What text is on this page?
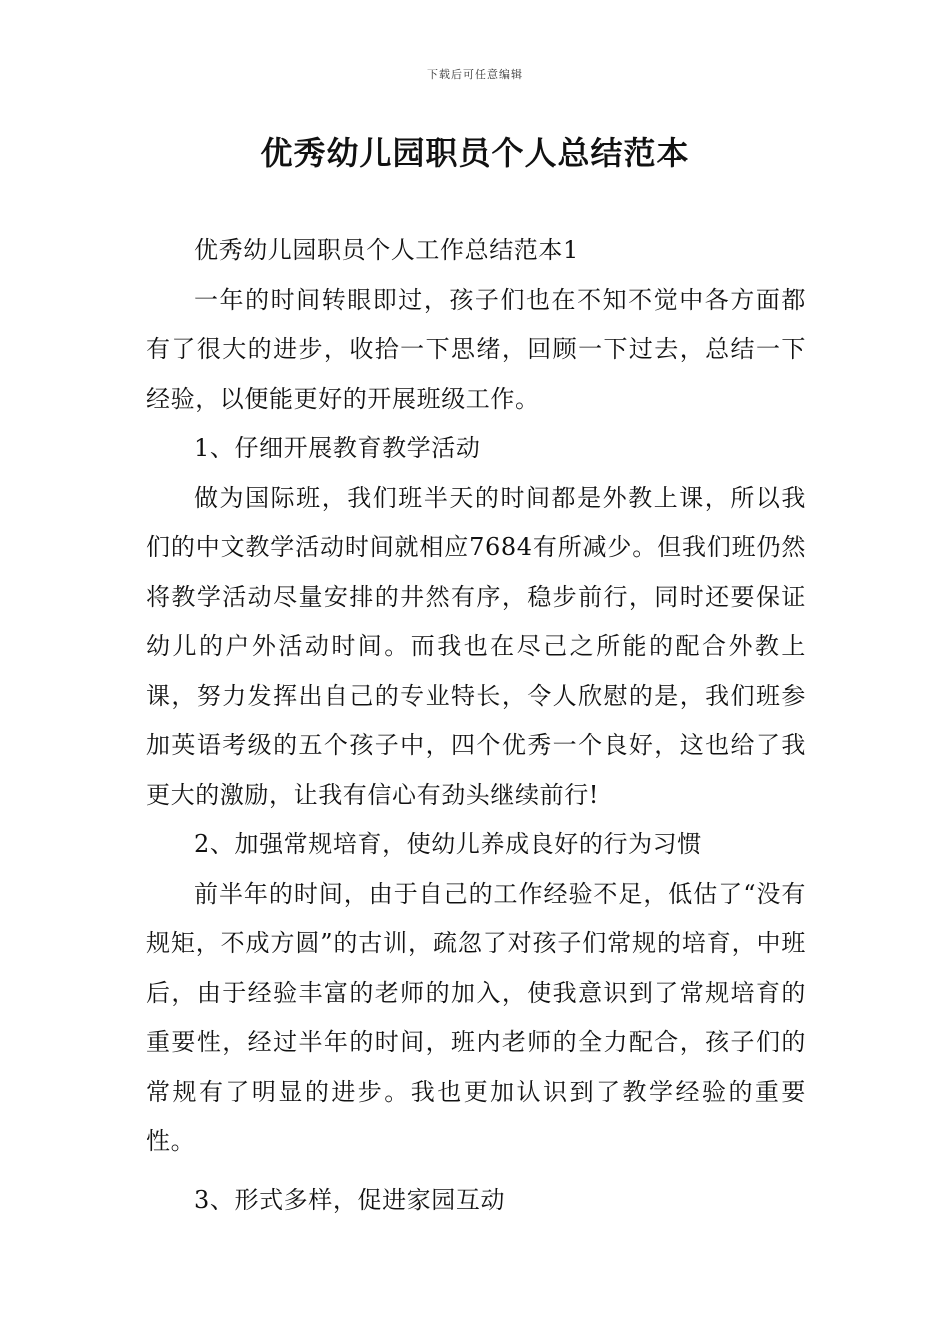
下载后可任意编辑
优秀幼儿园职员个人总结范本

优秀幼儿园职员个人工作总结范本1

一年的时间转眼即过，孩子们也在不知不觉中各方面都有了很大的进步，收拾一下思绪，回顾一下过去，总结一下经验，以便能更好的开展班级工作。

1、仔细开展教育教学活动

做为国际班，我们班半天的时间都是外教上课，所以我们的中文教学活动时间就相应7684有所减少。但我们班仍然将教学活动尽量安排的井然有序，稳步前行，同时还要保证幼儿的户外活动时间。而我也在尽己之所能的配合外教上课，努力发挥出自己的专业特长，令人欣慰的是，我们班参加英语考级的五个孩子中，四个优秀一个良好，这也给了我更大的激励，让我有信心有劲头继续前行!

2、加强常规培育，使幼儿养成良好的行为习惯

前半年的时间，由于自己的工作经验不足，低估了“没有规矩，不成方圆”的古训，疏忽了对孩子们常规的培育，中班后，由于经验丰富的老师的加入，使我意识到了常规培育的重要性，经过半年的时间，班内老师的全力配合，孩子们的常规有了明显的进步。我也更加认识到了教学经验的重要性。

3、形式多样，促进家园互动
